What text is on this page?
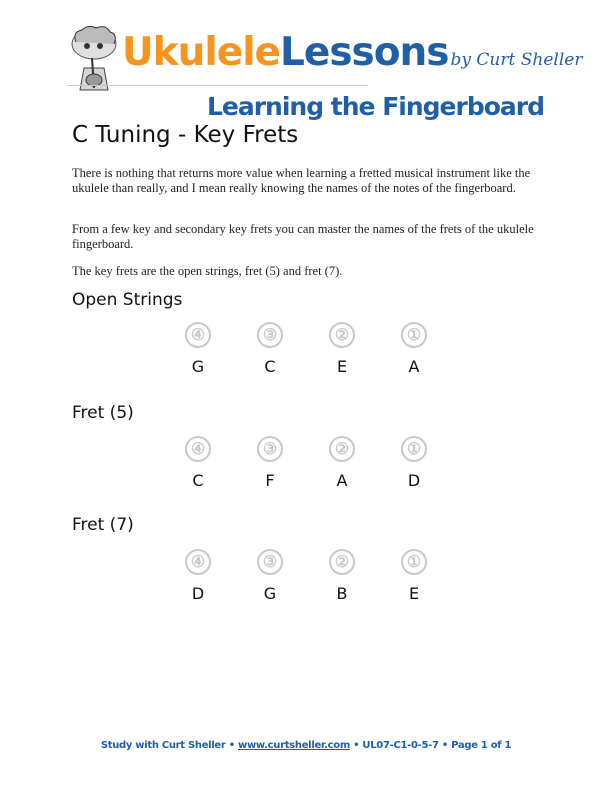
UkuleleLessons by Curt Sheller
Learning the Fingerboard
C Tuning - Key Frets
There is nothing that returns more value when learning a fretted musical instrument like the ukulele than really, and I mean really knowing the names of the notes of the fingerboard.
From a few key and secondary key frets you can master the names of the frets of the ukulele fingerboard.
The key frets are the open strings, fret (5) and fret (7).
Open Strings
④
G
③
C
②
E
①
A
Fret (5)
④
C
③
F
②
A
①
D
Fret (7)
④
D
③
G
②
B
①
E
Study with Curt Sheller • www.curtsheller.com • UL07-C1-0-5-7 • Page 1 of 1
